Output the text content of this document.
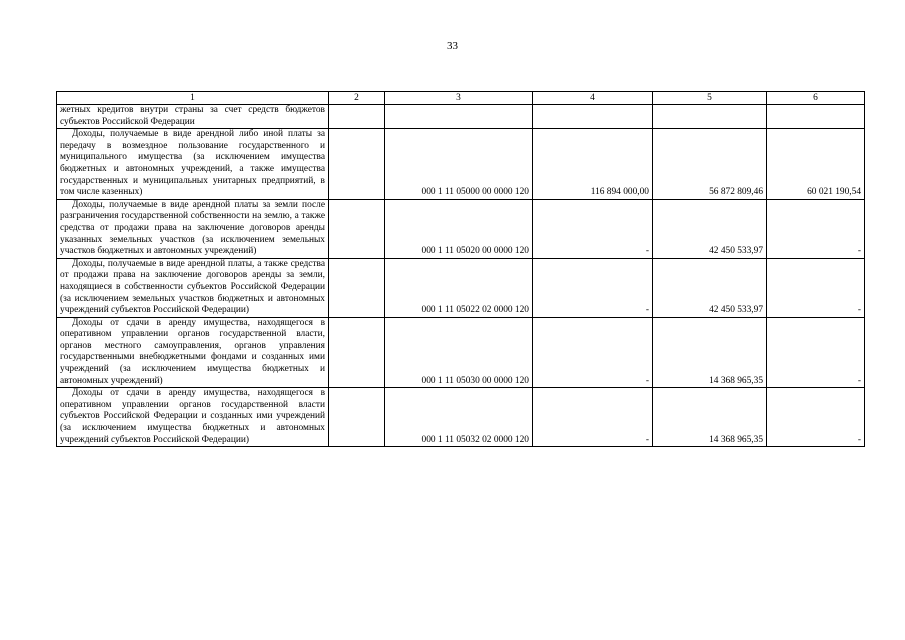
33
1	2	3	4	5	6
жетных кредитов внутри страны за счет средств бюджетов субъектов Российской Федерации					
Доходы, получаемые в виде арендной либо иной платы за передачу в возмездное пользование государственного и муниципального имущества (за исключением имущества бюджетных и автономных учреждений, а также имущества государственных и муниципальных унитарных предприятий, в том числе казенных)		000 1 11 05000 00 0000 120	116 894 000,00	56 872 809,46	60 021 190,54
Доходы, получаемые в виде арендной платы за земли после разграничения государственной собственности на землю, а также средства от продажи права на заключение договоров аренды указанных земельных участков (за исключением земельных участков бюджетных и автономных учреждений)		000 1 11 05020 00 0000 120	-	42 450 533,97	-
Доходы, получаемые в виде арендной платы, а также средства от продажи права на заключение договоров аренды за земли, находящиеся в собственности субъектов Российской Федерации (за исключением земельных участков бюджетных и автономных учреждений субъектов Российской Федерации)		000 1 11 05022 02 0000 120	-	42 450 533,97	-
Доходы от сдачи в аренду имущества, находящегося в оперативном управлении органов государственной власти, органов местного самоуправления, органов управления государственными внебюджетными фондами и созданных ими учреждений (за исключением имущества бюджетных и автономных учреждений)		000 1 11 05030 00 0000 120	-	14 368 965,35	-
Доходы от сдачи в аренду имущества, находящегося в оперативном управлении органов государственной власти субъектов Российской Федерации и созданных ими учреждений (за исключением имущества бюджетных и автономных учреждений субъектов Российской Федерации)		000 1 11 05032 02 0000 120	-	14 368 965,35	-
